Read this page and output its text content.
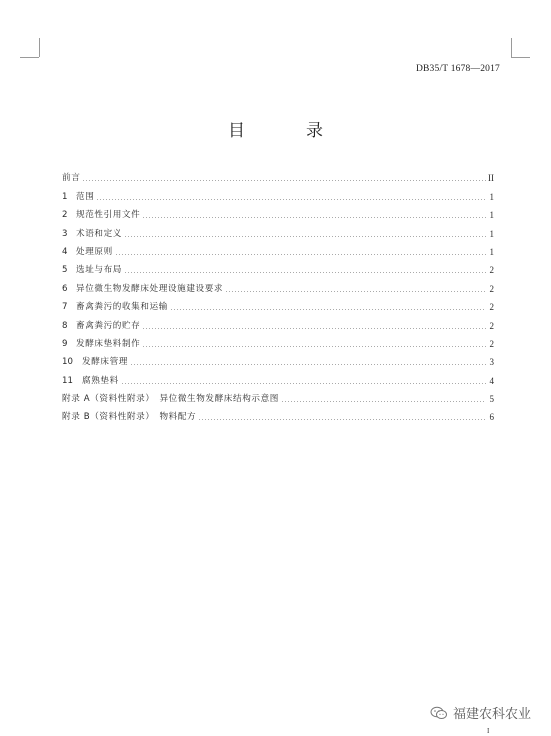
DB35/T 1678—2017
目　录
前言	II
1 范围	1
2 规范性引用文件	1
3 术语和定义	1
4 处理原则	1
5 选址与布局	2
6 异位微生物发酵床处理设施建设要求	2
7 畜禽粪污的收集和运输	2
8 畜禽粪污的贮存	2
9 发酵床垫料制作	2
10	发酵床管理	3
11	腐熟垫料	4
附录 A（资料性附录）　异位微生物发酵床结构示意图	5
附录 B（资料性附录）　物料配方	6
福建农科农业
I
